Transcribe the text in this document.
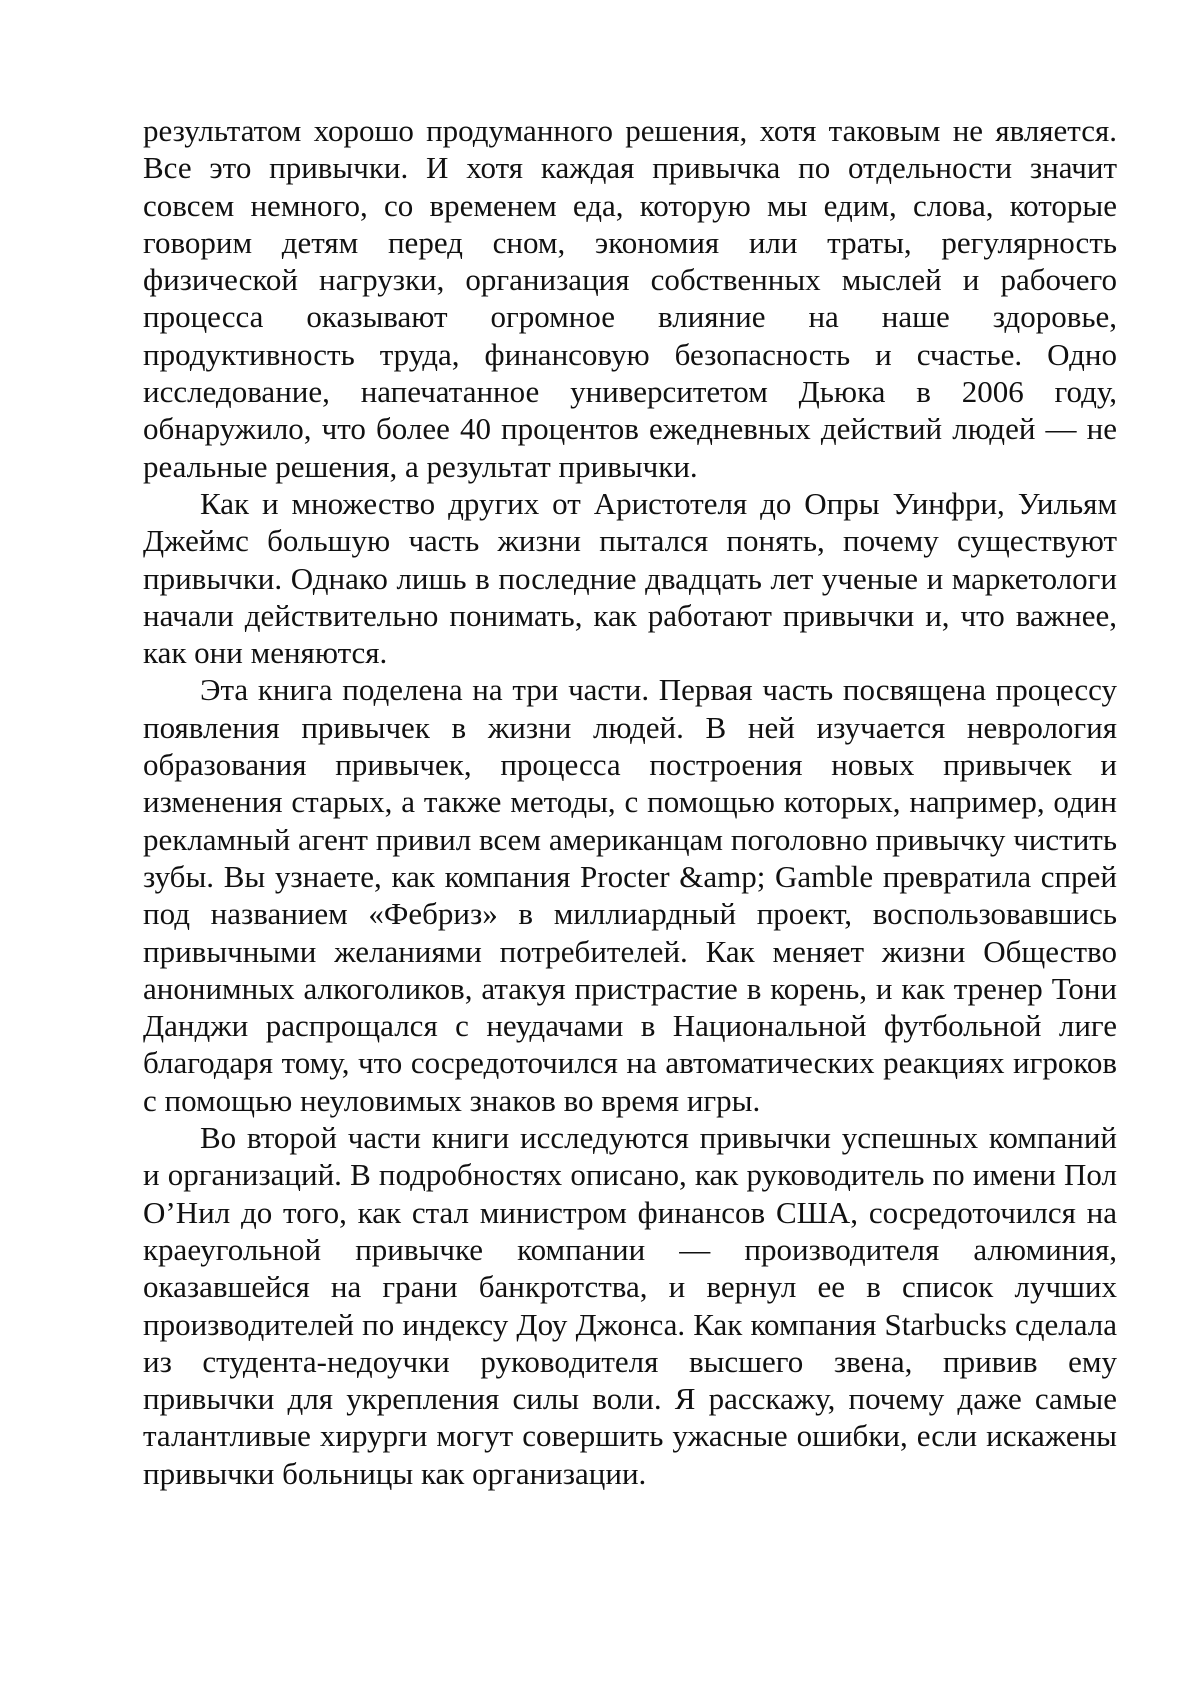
результатом хорошо продуманного решения, хотя таковым не является. Все это привычки. И хотя каждая привычка по отдельности значит совсем немного, со временем еда, которую мы едим, слова, которые говорим детям перед сном, экономия или траты, регулярность физической нагрузки, организация собственных мыслей и рабочего процесса оказывают огромное влияние на наше здоровье, продуктивность труда, финансовую безопасность и счастье. Одно исследование, напечатанное университетом Дьюка в 2006 году, обнаружило, что более 40 процентов ежедневных действий людей — не реальные решения, а результат привычки.

Как и множество других от Аристотеля до Опры Уинфри, Уильям Джеймс большую часть жизни пытался понять, почему существуют привычки. Однако лишь в последние двадцать лет ученые и маркетологи начали действительно понимать, как работают привычки и, что важнее, как они меняются.

Эта книга поделена на три части. Первая часть посвящена процессу появления привычек в жизни людей. В ней изучается неврология образования привычек, процесса построения новых привычек и изменения старых, а также методы, с помощью которых, например, один рекламный агент привил всем американцам поголовно привычку чистить зубы. Вы узнаете, как компания Procter &amp; Gamble превратила спрей под названием «Фебриз» в миллиардный проект, воспользовавшись привычными желаниями потребителей. Как меняет жизни Общество анонимных алкоголиков, атакуя пристрастие в корень, и как тренер Тони Данджи распрощался с неудачами в Национальной футбольной лиге благодаря тому, что сосредоточился на автоматических реакциях игроков с помощью неуловимых знаков во время игры.

Во второй части книги исследуются привычки успешных компаний и организаций. В подробностях описано, как руководитель по имени Пол О’Нил до того, как стал министром финансов США, сосредоточился на краеугольной привычке компании — производителя алюминия, оказавшейся на грани банкротства, и вернул ее в список лучших производителей по индексу Доу Джонса. Как компания Starbucks сделала из студента-недоучки руководителя высшего звена, привив ему привычки для укрепления силы воли. Я расскажу, почему даже самые талантливые хирурги могут совершить ужасные ошибки, если искажены привычки больницы как организации.
